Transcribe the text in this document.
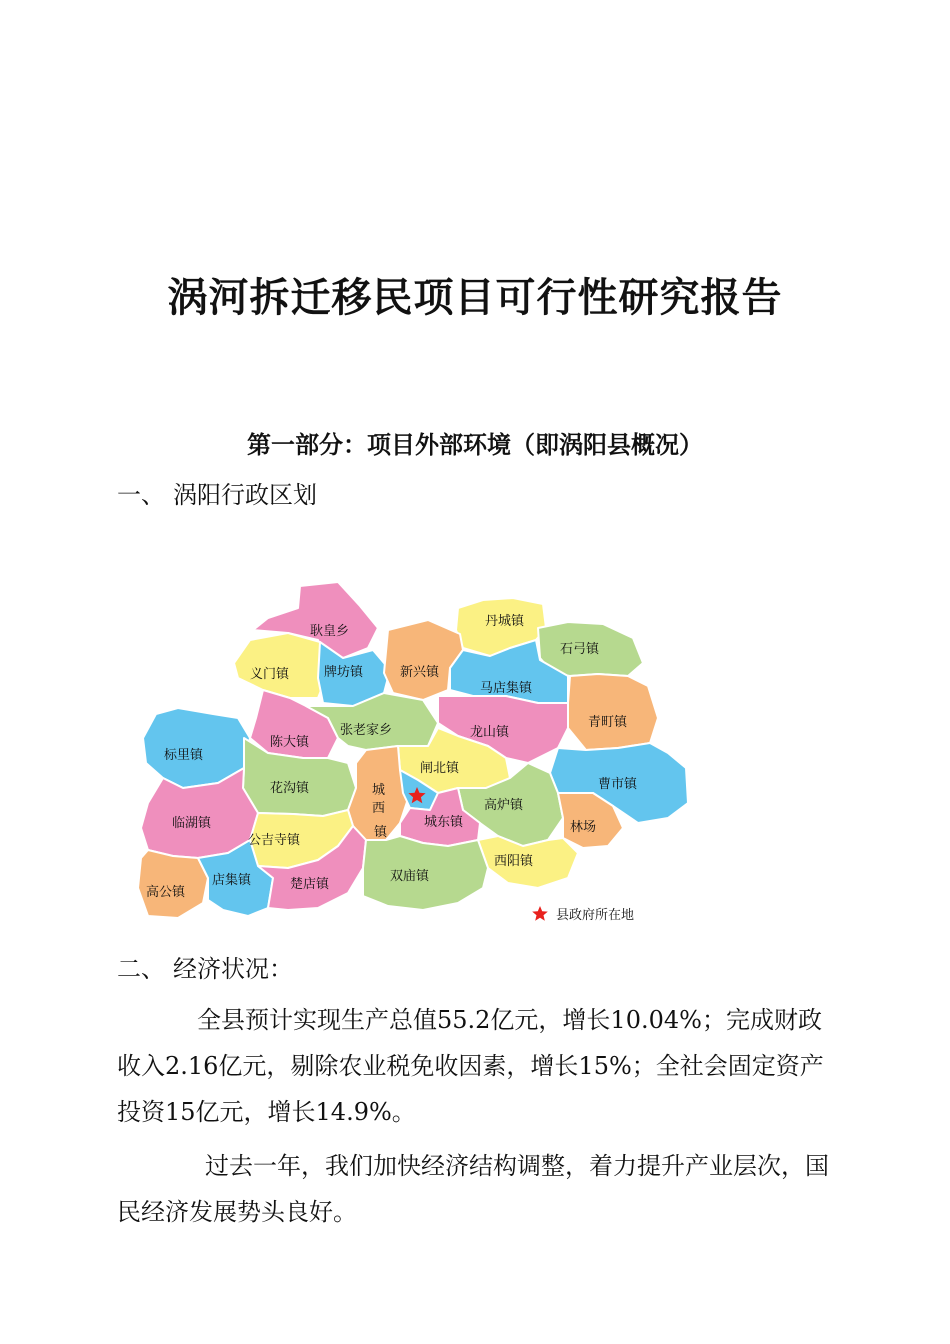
涡河拆迁移民项目可行性研究报告
第一部分：项目外部环境（即涡阳县概况）
一、 涡阳行政区划
耿皇乡
丹城镇
石弓镇
义门镇	牌坊镇	新兴镇
马店集镇
青町镇
陈大镇
张老家乡	龙山镇
标里镇
花沟镇
闸北镇
曹市镇
城
西
镇
高炉镇
临湖镇	林场
城东镇
公吉寺镇
西阳镇
店集镇
高公镇
楚店镇
双庙镇
县政府所在地
二、 经济状况：

全县预计实现生产总值55.2亿元，增长10.04%；完成财政收入2.16亿元，剔除农业税免收因素，增长15%；全社会固定资产投资15亿元，增长14.9%。

过去一年，我们加快经济结构调整，着力提升产业层次，国民经济发展势头良好。
